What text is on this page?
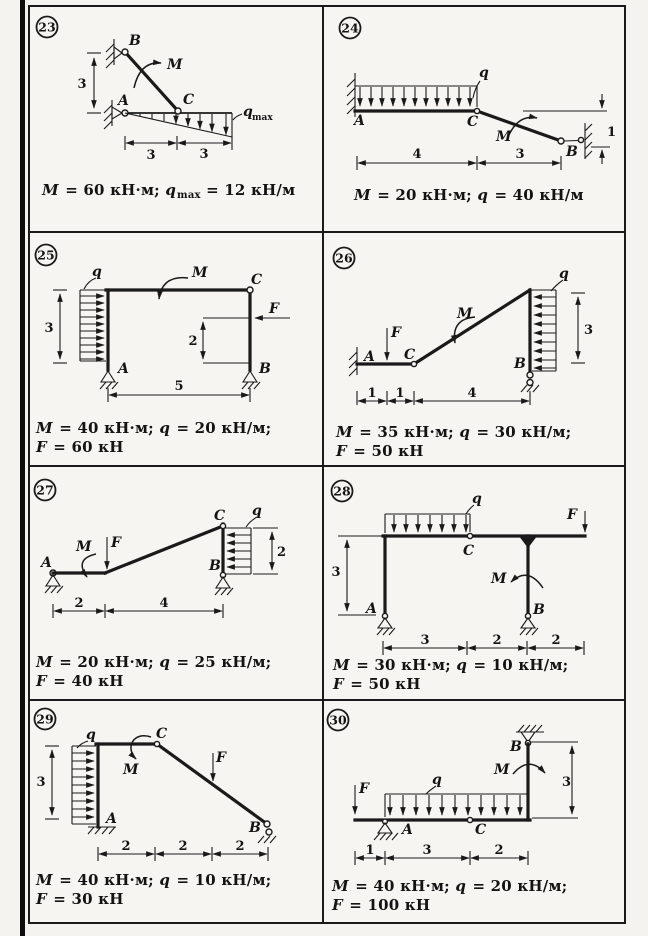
23
3
3	3
A
B
C
M
q max
M = 60 кН·м; $q_{max} = 12$ кН/м
24
1
4	3
A
B
C
M
q
M = 20 кН·м; q = 40 кН/м
25
3
2
5
A	B
C
M
q
F
M = 40 кН·м; q = 20 кН/м;
F = 60 кН
26
3
1 1	4
A	B
C
M
q
F
M = 35 кН·м; q = 30 кН/м;
F = 50 кН
27
2
2	4
A	B
C
M
q
F
M = 20 кН·м; q = 25 кН/м;
F = 40 кН
28
3
3	2	2
A	B
C
M
q
F
M = 30 кН·м; q = 10 кН/м;
F = 50 кН
29
3
2	2	2
A
B
C
M
q
F
M = 40 кН·м; q = 10 кН/м;
F = 30 кН
30
3
1	3	2
A
B
C
M
q
F
M = 40 кН·м; q = 20 кН/м;
F = 100 кН
